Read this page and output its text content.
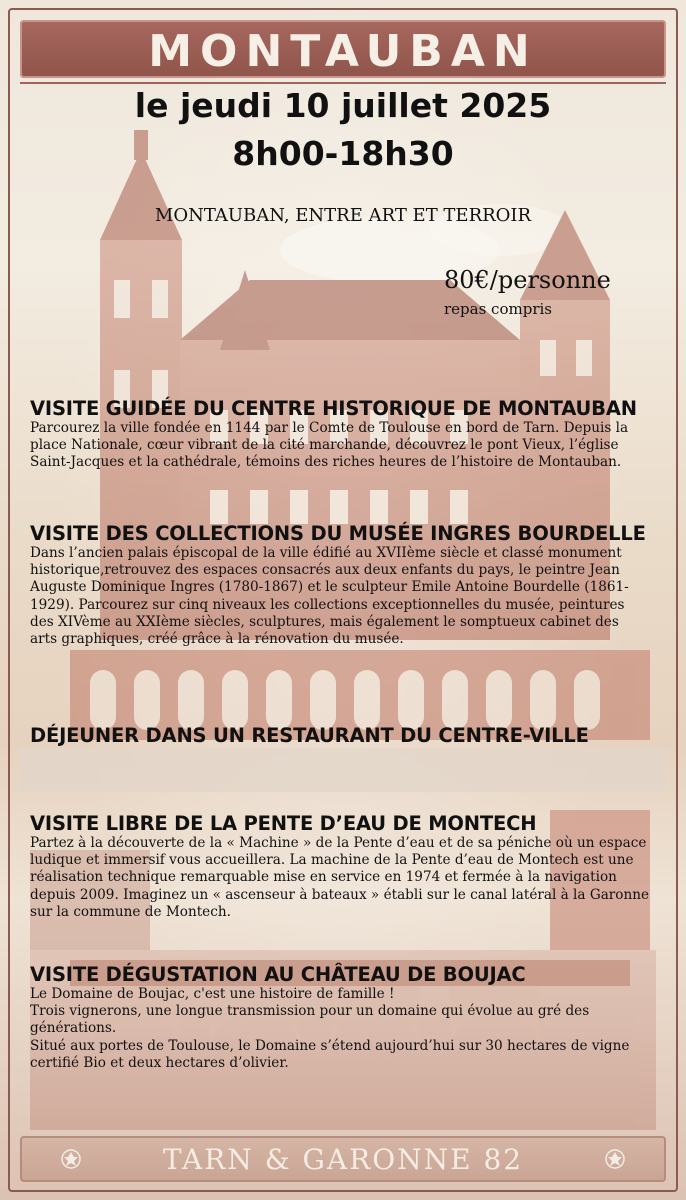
MONTAUBAN
le jeudi 10 juillet 2025
8h00-18h30
MONTAUBAN, ENTRE ART ET TERROIR
80€/personne
repas compris
VISITE GUIDÉE DU CENTRE HISTORIQUE DE MONTAUBAN

Parcourez la ville fondée en 1144 par le Comte de Toulouse en bord de Tarn. Depuis la

place Nationale, cœur vibrant de la cité marchande, découvrez le pont Vieux, l’église

Saint-Jacques et la cathédrale, témoins des riches heures de l’histoire de Montauban.

VISITE DES COLLECTIONS DU MUSÉE INGRES BOURDELLE

Dans l’ancien palais épiscopal de la ville édifié au XVIIème siècle et classé monument

historique,retrouvez des espaces consacrés aux deux enfants du pays, le peintre Jean

Auguste Dominique Ingres (1780-1867) et le sculpteur Emile Antoine Bourdelle (1861-

1929). Parcourez sur cinq niveaux les collections exceptionnelles du musée, peintures

des XIVème au XXIème siècles, sculptures, mais également le somptueux cabinet des

arts graphiques, créé grâce à la rénovation du musée.

DÉJEUNER DANS UN RESTAURANT DU CENTRE-VILLE
VISITE LIBRE DE LA PENTE D’EAU DE MONTECH

Partez à la découverte de la « Machine » de la Pente d’eau et de sa péniche où un espace

ludique et immersif vous accueillera. La machine de la Pente d’eau de Montech est une

réalisation technique remarquable mise en service en 1974 et fermée à la navigation

depuis 2009. Imaginez un « ascenseur à bateaux » établi sur le canal latéral à la Garonne

sur la commune de Montech.

VISITE DÉGUSTATION AU CHÂTEAU DE BOUJAC

Le Domaine de Boujac, c'est une histoire de famille !

Trois vignerons, une longue transmission pour un domaine qui évolue au gré des

générations.

Situé aux portes de Toulouse, le Domaine s’étend aujourd’hui sur 30 hectares de vigne

certifié Bio et deux hectares d’olivier.

TARN & GARONNE 82
